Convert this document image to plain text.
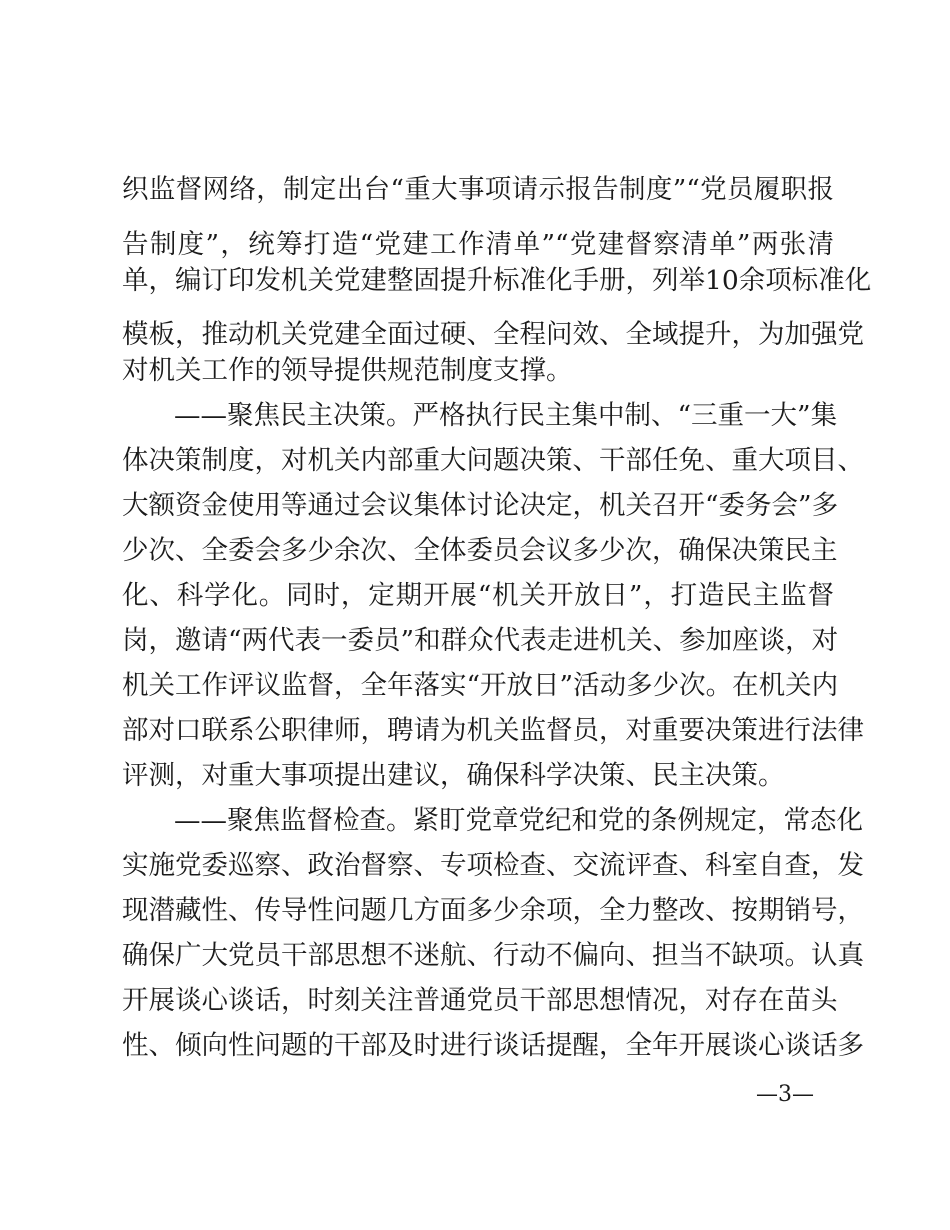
织监督网络，制定出台“重大事项请示报告制度”“党员履职报
告制度”，统筹打造“党建工作清单”“党建督察清单”两张清
单，编订印发机关党建整固提升标准化手册，列举10余项标准化
模板，推动机关党建全面过硬、全程问效、全域提升，为加强党
对机关工作的领导提供规范制度支撑。
——聚焦民主决策。严格执行民主集中制、“三重一大”集
体决策制度，对机关内部重大问题决策、干部任免、重大项目、
大额资金使用等通过会议集体讨论决定，机关召开“委务会”多
少次、全委会多少余次、全体委员会议多少次，确保决策民主
化、科学化。同时，定期开展“机关开放日”，打造民主监督
岗，邀请“两代表一委员”和群众代表走进机关、参加座谈，对
机关工作评议监督，全年落实“开放日”活动多少次。在机关内
部对口联系公职律师，聘请为机关监督员，对重要决策进行法律
评测，对重大事项提出建议，确保科学决策、民主决策。
——聚焦监督检查。紧盯党章党纪和党的条例规定，常态化
实施党委巡察、政治督察、专项检查、交流评查、科室自查，发
现潜藏性、传导性问题几方面多少余项，全力整改、按期销号，
确保广大党员干部思想不迷航、行动不偏向、担当不缺项。认真
开展谈心谈话，时刻关注普通党员干部思想情况，对存在苗头
性、倾向性问题的干部及时进行谈话提醒，全年开展谈心谈话多
—3—
